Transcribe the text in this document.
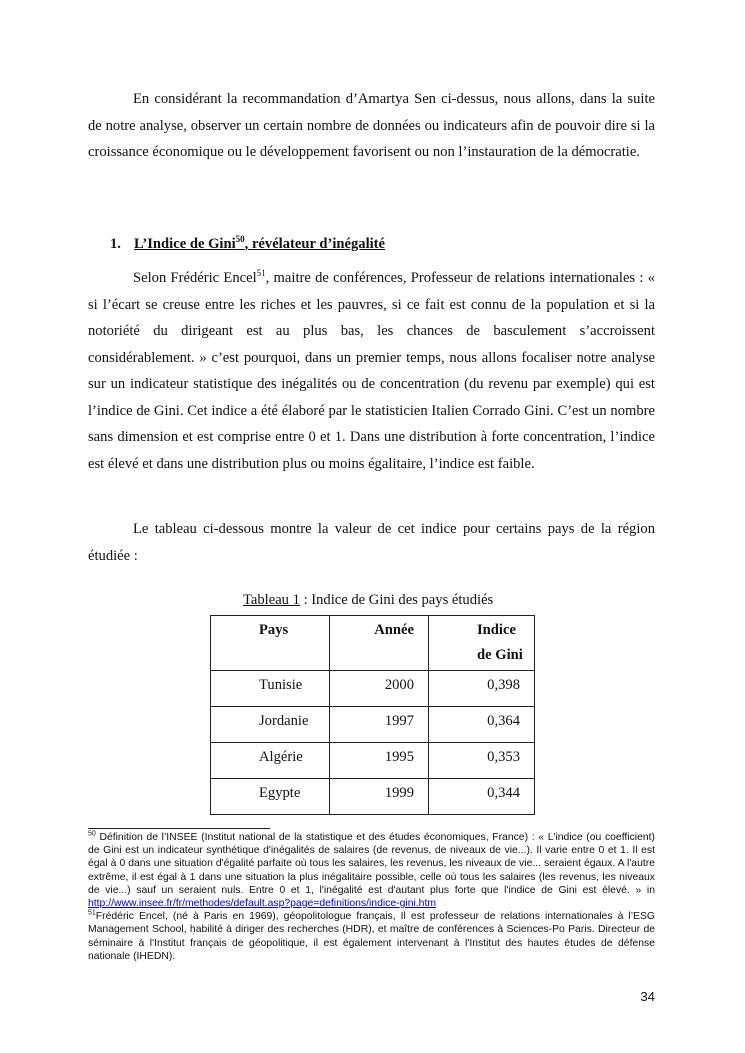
En considérant la recommandation d’Amartya Sen ci-dessus, nous allons, dans la suite de notre analyse, observer un certain nombre de données ou indicateurs afin de pouvoir dire si la croissance économique ou le développement favorisent ou non l’instauration de la démocratie.

1. L’Indice de Gini$^{50}$, révélateur d’inégalité

Selon Frédéric Encel$^{51}$, maitre de conférences, Professeur de relations internationales : « si l’écart se creuse entre les riches et les pauvres, si ce fait est connu de la population et si la notoriété du dirigeant est au plus bas, les chances de basculement s’accroissent considérablement. » c’est pourquoi, dans un premier temps, nous allons focaliser notre analyse sur un indicateur statistique des inégalités ou de concentration (du revenu par exemple) qui est l’indice de Gini. Cet indice a été élaboré par le statisticien Italien Corrado Gini. C’est un nombre sans dimension et est comprise entre 0 et 1. Dans une distribution à forte concentration, l’indice est élevé et dans une distribution plus ou moins égalitaire, l’indice est faible.

Le tableau ci-dessous montre la valeur de cet indice pour certains pays de la région étudiée :

Tableau 1 : Indice de Gini des pays étudiés
Pays	Année	Indice de Gini

Tunisie	2000	0,398

Jordanie	1997	0,364

Algérie	1995	0,353

Egypte	1999	0,344

$^{50}$ Définition de l’INSEE (Institut national de la statistique et des études économiques, France) : « L'indice (ou coefficient) de Gini est un indicateur synthétique d'inégalités de salaires (de revenus, de niveaux de vie...). Il varie entre 0 et 1. Il est égal à 0 dans une situation d'égalité parfaite où tous les salaires, les revenus, les niveaux de vie... seraient égaux. A l'autre extrême, il est égal à 1 dans une situation la plus inégalitaire possible, celle où tous les salaires (les revenus, les niveaux de vie...) sauf un seraient nuls. Entre 0 et 1, l'inégalité est d'autant plus forte que l'indice de Gini est élevé. » in http://www.insee.fr/fr/methodes/default.asp?page=definitions/indice-gini.htm

$^{51}$Frédéric Encel, (né à Paris en 1969), géopolitologue français, Il est professeur de relations internationales à l’ESG Management School, habilité à diriger des recherches (HDR), et maître de conférences à Sciences-Po Paris. Directeur de séminaire à l'Institut français de géopolitique, il est également intervenant à l'Institut des hautes études de défense nationale (IHEDN).

34
